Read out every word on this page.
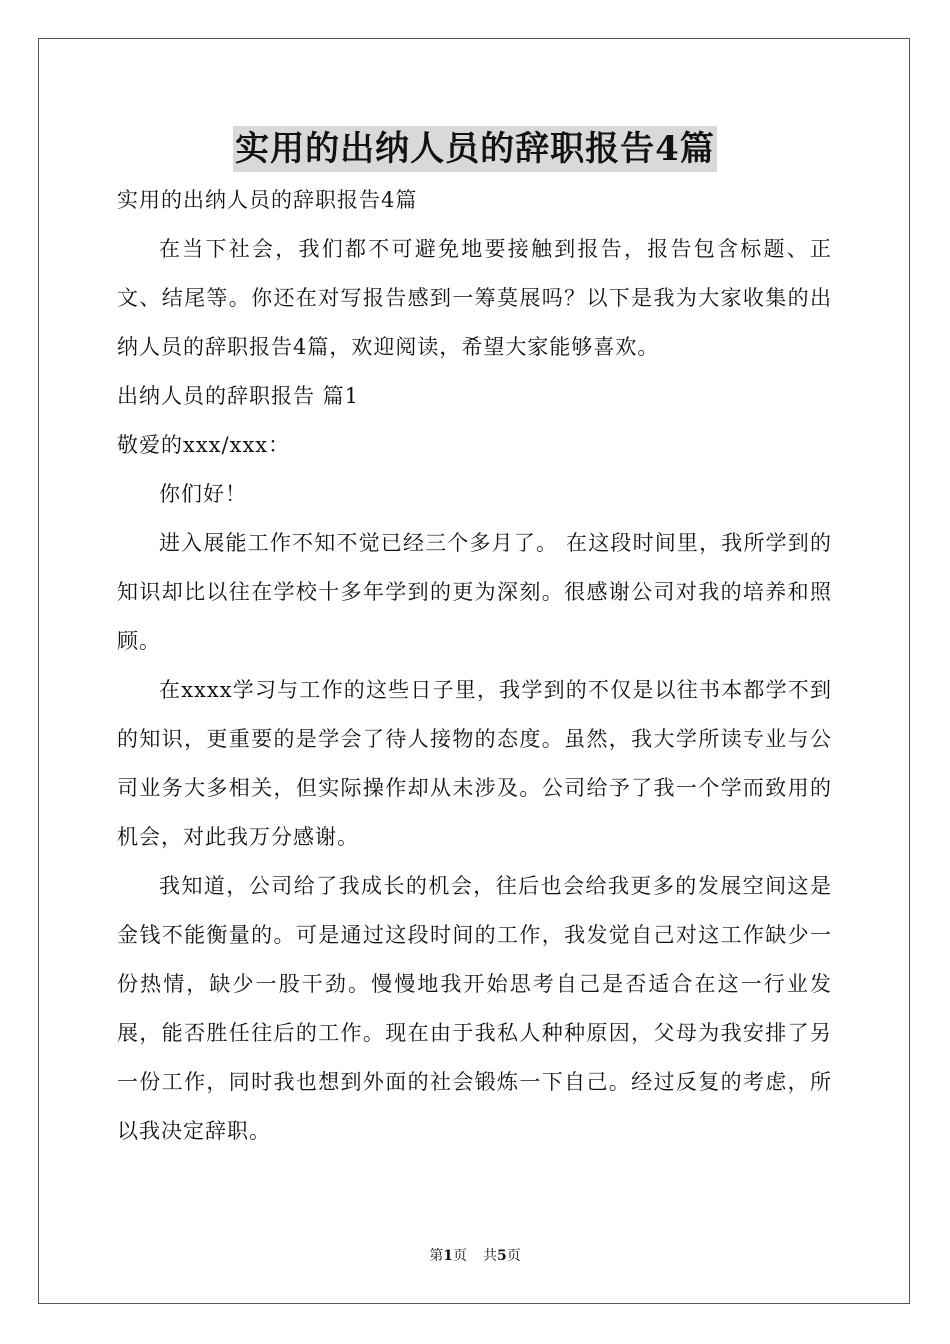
实用的出纳人员的辞职报告4篇

实用的出纳人员的辞职报告4篇

在当下社会，我们都不可避免地要接触到报告，报告包含标题、正文、结尾等。你还在对写报告感到一筹莫展吗？以下是我为大家收集的出纳人员的辞职报告4篇，欢迎阅读，希望大家能够喜欢。

出纳人员的辞职报告 篇1

敬爱的xxx/xxx：

你们好！

进入展能工作不知不觉已经三个多月了。 在这段时间里，我所学到的知识却比以往在学校十多年学到的更为深刻。很感谢公司对我的培养和照顾。

在xxxx学习与工作的这些日子里，我学到的不仅是以往书本都学不到的知识，更重要的是学会了待人接物的态度。虽然，我大学所读专业与公司业务大多相关，但实际操作却从未涉及。公司给予了我一个学而致用的机会，对此我万分感谢。

我知道，公司给了我成长的机会，往后也会给我更多的发展空间这是金钱不能衡量的。可是通过这段时间的工作，我发觉自己对这工作缺少一份热情，缺少一股干劲。慢慢地我开始思考自己是否适合在这一行业发展，能否胜任往后的工作。现在由于我私人种种原因，父母为我安排了另一份工作，同时我也想到外面的社会锻炼一下自己。经过反复的考虑，所以我决定辞职。

第1页 共5页
